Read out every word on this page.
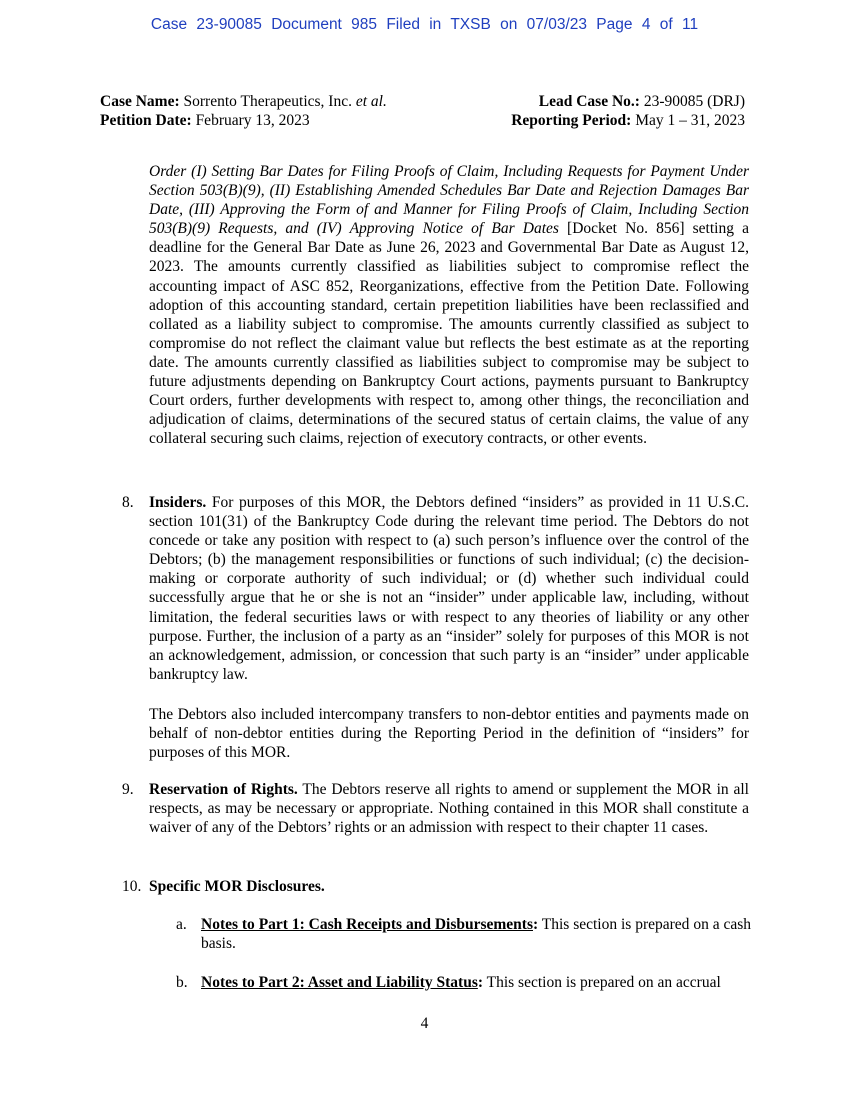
Case 23-90085 Document 985 Filed in TXSB on 07/03/23 Page 4 of 11
Case Name: Sorrento Therapeutics, Inc. et al.
Petition Date: February 13, 2023
Lead Case No.: 23-90085 (DRJ)
Reporting Period: May 1 – 31, 2023

Order (I) Setting Bar Dates for Filing Proofs of Claim, Including Requests for Payment Under Section 503(B)(9), (II) Establishing Amended Schedules Bar Date and Rejection Damages Bar Date, (III) Approving the Form of and Manner for Filing Proofs of Claim, Including Section 503(B)(9) Requests, and (IV) Approving Notice of Bar Dates [Docket No. 856] setting a deadline for the General Bar Date as June 26, 2023 and Governmental Bar Date as August 12, 2023. The amounts currently classified as liabilities subject to compromise reflect the accounting impact of ASC 852, Reorganizations, effective from the Petition Date. Following adoption of this accounting standard, certain prepetition liabilities have been reclassified and collated as a liability subject to compromise. The amounts currently classified as subject to compromise do not reflect the claimant value but reflects the best estimate as at the reporting date. The amounts currently classified as liabilities subject to compromise may be subject to future adjustments depending on Bankruptcy Court actions, payments pursuant to Bankruptcy Court orders, further developments with respect to, among other things, the reconciliation and adjudication of claims, determinations of the secured status of certain claims, the value of any collateral securing such claims, rejection of executory contracts, or other events.

8. Insiders. For purposes of this MOR, the Debtors defined “insiders” as provided in 11 U.S.C. section 101(31) of the Bankruptcy Code during the relevant time period. The Debtors do not concede or take any position with respect to (a) such person’s influence over the control of the Debtors; (b) the management responsibilities or functions of such individual; (c) the decision-making or corporate authority of such individual; or (d) whether such individual could successfully argue that he or she is not an “insider” under applicable law, including, without limitation, the federal securities laws or with respect to any theories of liability or any other purpose. Further, the inclusion of a party as an “insider” solely for purposes of this MOR is not an acknowledgement, admission, or concession that such party is an “insider” under applicable bankruptcy law.

The Debtors also included intercompany transfers to non-debtor entities and payments made on behalf of non-debtor entities during the Reporting Period in the definition of “insiders” for purposes of this MOR.

9. Reservation of Rights. The Debtors reserve all rights to amend or supplement the MOR in all respects, as may be necessary or appropriate. Nothing contained in this MOR shall constitute a waiver of any of the Debtors’ rights or an admission with respect to their chapter 11 cases.

10. Specific MOR Disclosures.

a. Notes to Part 1: Cash Receipts and Disbursements: This section is prepared on a cash basis.

b. Notes to Part 2: Asset and Liability Status: This section is prepared on an accrual

4
